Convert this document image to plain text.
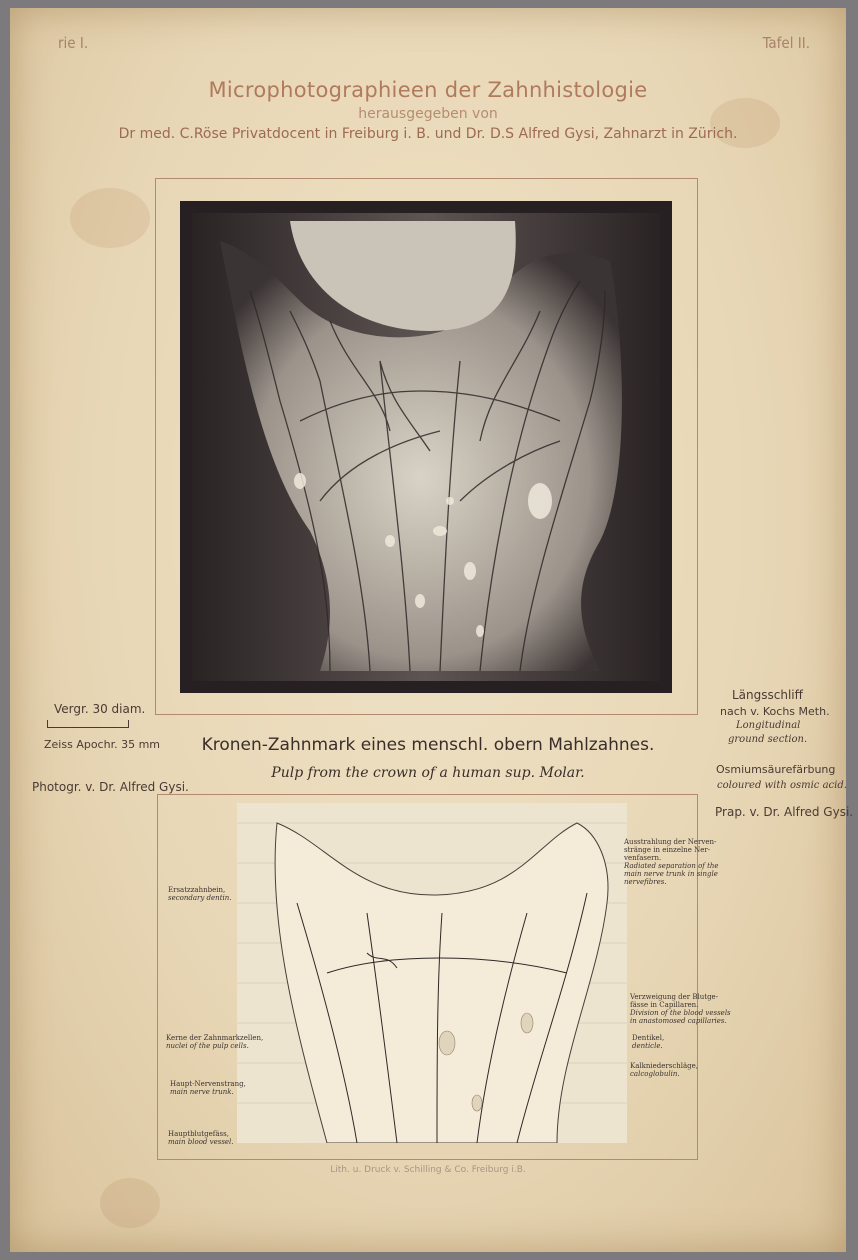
rie I.	Tafel II.
Microphotographieen der Zahnhistologie
herausgegeben von
Dr med. C.Röse Privatdocent in Freiburg i. B. und Dr. D.S Alfred Gysi, Zahnarzt in Zürich.
Vergr. 30 diam.
Zeiss Apochr. 35 mm
Photogr. v. Dr. Alfred Gysi.
Längsschliff
nach v. Kochs Meth.
Longitudinal
ground section.
Osmiumsäurefärbung
coloured with osmic acid.
Prap. v. Dr. Alfred Gysi.
Kronen-Zahnmark eines menschl. obern Mahlzahnes.
Pulp from the crown of a human sup. Molar.
Ersatzzahnbein,
secondary dentin.
Kerne der Zahnmarkzellen,
nuclei of the pulp cells.
Haupt-Nervenstrang,
main nerve trunk.
Hauptblutgefäss,
main blood vessel.
Ausstrahlung der Nerven-
stränge in einzelne Ner-
venfasern.
Radiated separation of the
main nerve trunk in single
nervefibres.
Verzweigung der Blutge-
fässe in Capillaren.
Division of the blood vessels
in anastomosed capillaries.
Dentikel,
denticle.
Kalkniederschläge,
calcoglobulin.
Lith. u. Druck v. Schilling & Co. Freiburg i.B.
